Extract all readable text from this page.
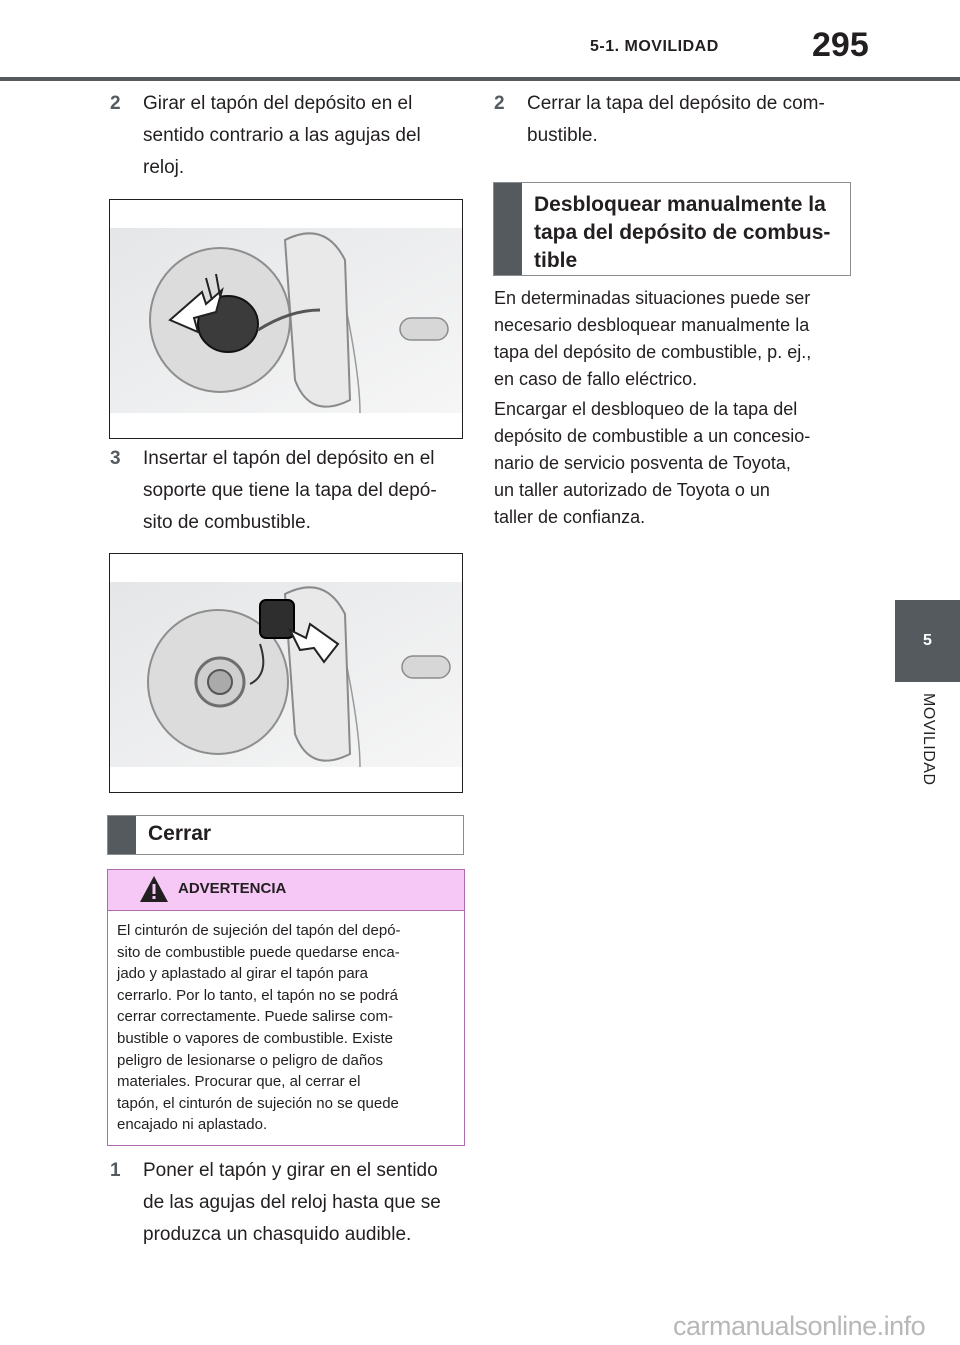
5-1. MOVILIDAD	295
5
MOVILIDAD
2 Girar el tapón del depósito en el
sentido contrario a las agujas del
reloj.
3 Insertar el tapón del depósito en el
soporte que tiene la tapa del depó-
sito de combustible.
Cerrar
ADVERTENCIA
El cinturón de sujeción del tapón del depó-
sito de combustible puede quedarse enca-
jado y aplastado al girar el tapón para
cerrarlo. Por lo tanto, el tapón no se podrá
cerrar correctamente. Puede salirse com-
bustible o vapores de combustible. Existe
peligro de lesionarse o peligro de daños
materiales. Procurar que, al cerrar el
tapón, el cinturón de sujeción no se quede
encajado ni aplastado.
1 Poner el tapón y girar en el sentido
de las agujas del reloj hasta que se
produzca un chasquido audible.
2 Cerrar la tapa del depósito de com-
bustible.
Desbloquear manualmente la
tapa del depósito de combus-
tible
En determinadas situaciones puede ser
necesario desbloquear manualmente la
tapa del depósito de combustible, p. ej.,
en caso de fallo eléctrico.
Encargar el desbloqueo de la tapa del
depósito de combustible a un concesio-
nario de servicio posventa de Toyota,
un taller autorizado de Toyota o un
taller de confianza.
carmanualsonline.info
